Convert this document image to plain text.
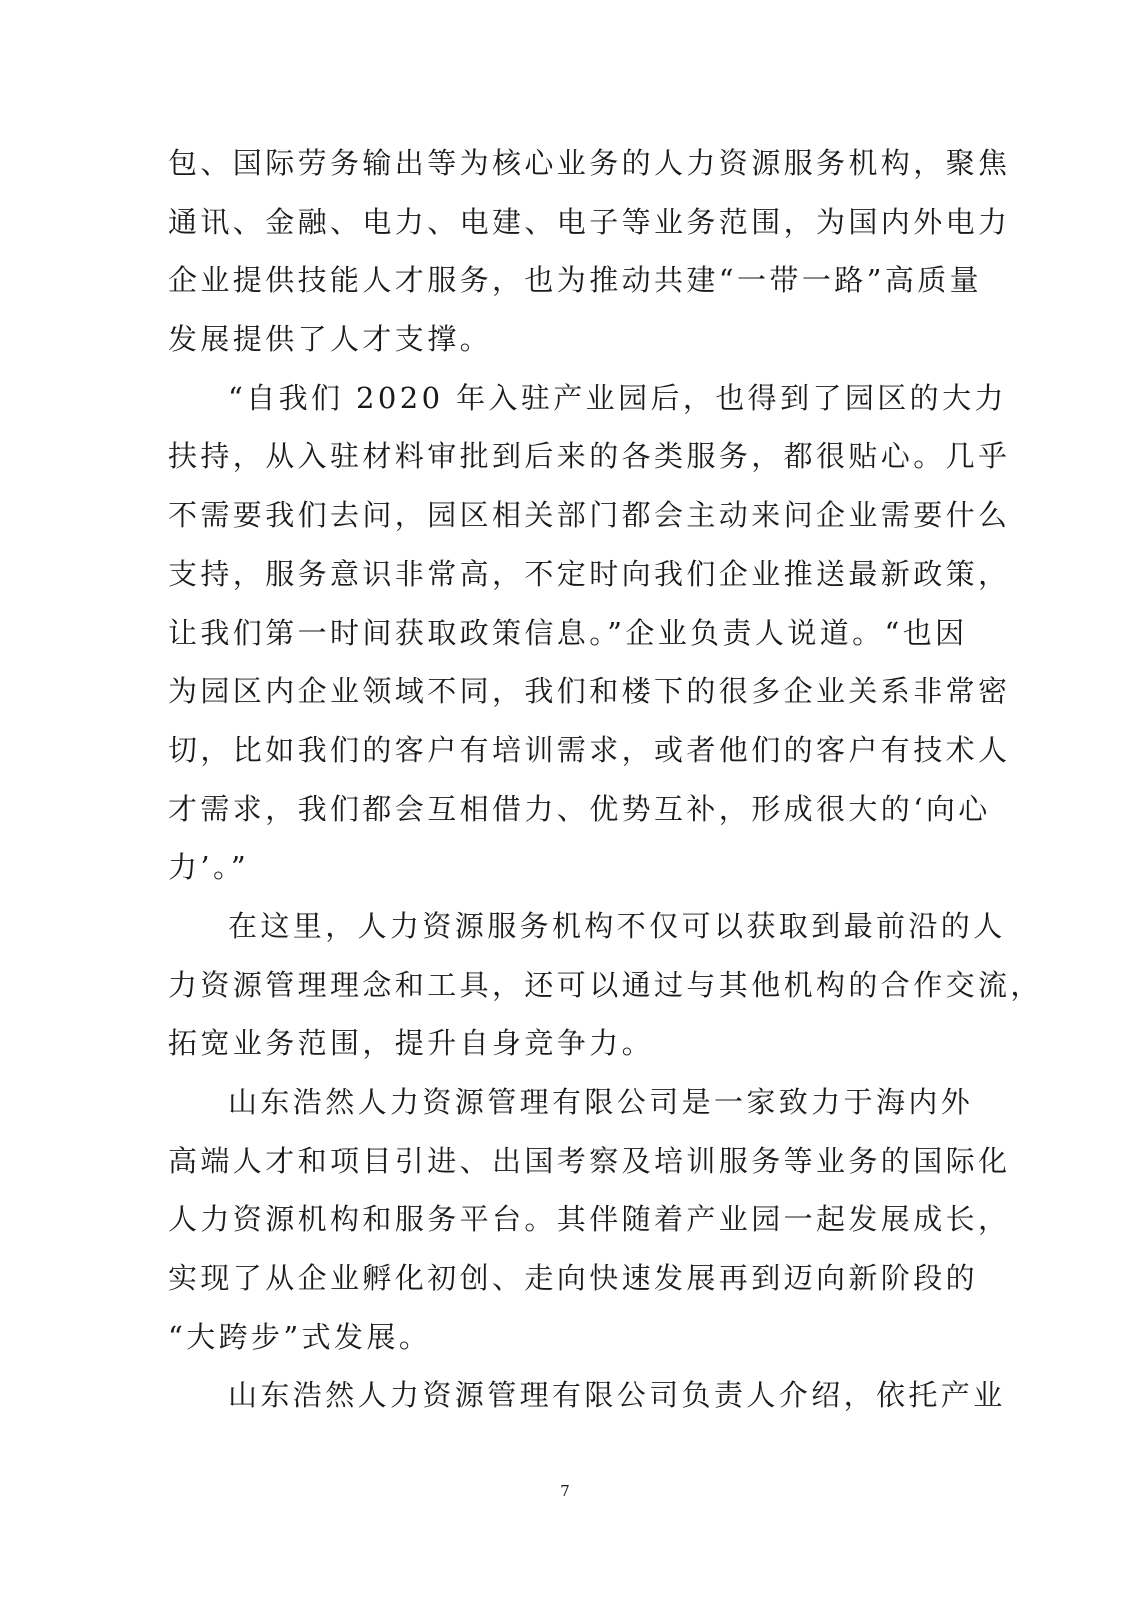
包、国际劳务输出等为核心业务的人力资源服务机构，聚焦
通讯、金融、电力、电建、电子等业务范围，为国内外电力
企业提供技能人才服务，也为推动共建“一带一路”高质量
发展提供了人才支撑。
“自我们 2020 年入驻产业园后，也得到了园区的大力
扶持，从入驻材料审批到后来的各类服务，都很贴心。几乎
不需要我们去问，园区相关部门都会主动来问企业需要什么
支持，服务意识非常高，不定时向我们企业推送最新政策，
让我们第一时间获取政策信息。”企业负责人说道。“也因
为园区内企业领域不同，我们和楼下的很多企业关系非常密
切，比如我们的客户有培训需求，或者他们的客户有技术人
才需求，我们都会互相借力、优势互补，形成很大的‘向心
力’。”
在这里，人力资源服务机构不仅可以获取到最前沿的人
力资源管理理念和工具，还可以通过与其他机构的合作交流，
拓宽业务范围，提升自身竞争力。
山东浩然人力资源管理有限公司是一家致力于海内外
高端人才和项目引进、出国考察及培训服务等业务的国际化
人力资源机构和服务平台。其伴随着产业园一起发展成长，
实现了从企业孵化初创、走向快速发展再到迈向新阶段的
“大跨步”式发展。
山东浩然人力资源管理有限公司负责人介绍，依托产业
7
